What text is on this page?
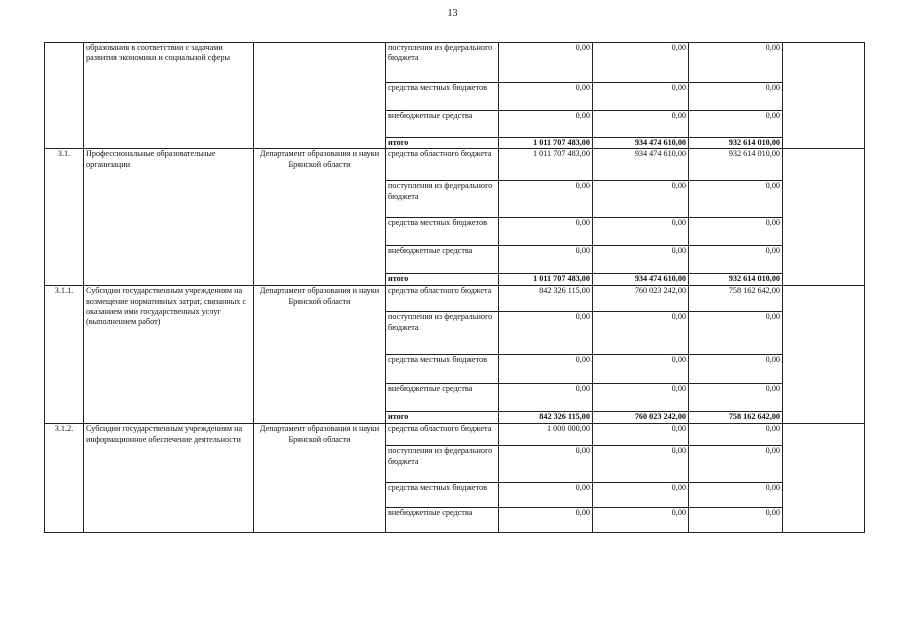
13
	образования в соответствии с задачами развития экономики и социальной сферы		поступления из федерального бюджета	0,00	0,00	0,00	
			средства местных бюджетов	0,00	0,00	0,00	
			внебюджетные средства	0,00	0,00	0,00	
			итого	1 011 707 483,00	934 474 610,00	932 614 010,00	
3.1.	Профессиональные образовательные организации	Департамент образования и науки Брянской области	средства областного бюджета	1 011 707 483,00	934 474 610,00	932 614 010,00	
			поступления из федерального бюджета	0,00	0,00	0,00	
			средства местных бюджетов	0,00	0,00	0,00	
			внебюджетные средства	0,00	0,00	0,00	
			итого	1 011 707 483,00	934 474 610,00	932 614 010,00	
3.1.1.	Субсидии государственным учреждениям на возмещение нормативных затрат, связанных с оказанием ими государственных услуг (выполнением работ)	Департамент образования и науки Брянской области	средства областного бюджета	842 326 115,00	760 023 242,00	758 162 642,00	
			поступления из федерального бюджета	0,00	0,00	0,00	
			средства местных бюджетов	0,00	0,00	0,00	
			внебюджетные средства	0,00	0,00	0,00	
			итого	842 326 115,00	760 023 242,00	758 162 642,00	
3.1.2.	Субсидии государственным учреждениям на информационное обеспечение деятельности	Департамент образования и науки Брянской области	средства областного бюджета	1 000 000,00	0,00	0,00	
			поступления из федерального бюджета	0,00	0,00	0,00	
			средства местных бюджетов	0,00	0,00	0,00	
			внебюджетные средства	0,00	0,00	0,00	
